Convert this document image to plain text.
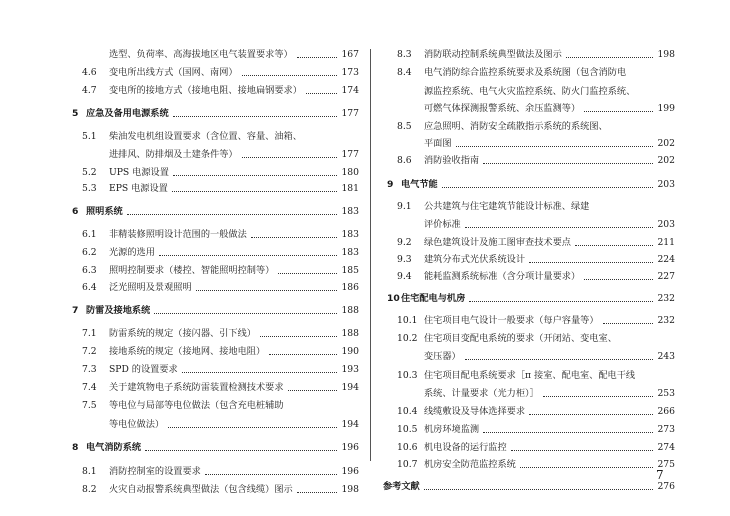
选型、负荷率、高海拔地区电气装置要求等）	167
4.6 变电所出线方式（国网、南网）	173
4.7 变电所的接地方式（接地电阻、接地扁钢要求）	174
5 应急及备用电源系统	177
5.1 柴油发电机组设置要求（含位置、容量、油箱、
进排风、防排烟及土建条件等）	177
5.2 UPS 电源设置	180
5.3 EPS 电源设置	181
6 照明系统	183
6.1 非精装修照明设计范围的一般做法	183
6.2 光源的选用	183
6.3 照明控制要求（楼控、智能照明控制等）	185
6.4 泛光照明及景观照明	186
7 防雷及接地系统	188
7.1 防雷系统的规定（接闪器、引下线）	188
7.2 接地系统的规定（接地网、接地电阻）	190
7.3 SPD 的设置要求	193
7.4 关于建筑物电子系统防雷装置检测技术要求	194
7.5 等电位与局部等电位做法（包含充电桩辅助
等电位做法）	194
8 电气消防系统	196
8.1 消防控制室的设置要求	196
8.2 火灾自动报警系统典型做法（包含线缆）图示	198
8.3 消防联动控制系统典型做法及图示	198
8.4 电气消防综合监控系统要求及系统图（包含消防电
源监控系统、电气火灾监控系统、防火门监控系统、
可燃气体探测报警系统、余压监测等）	199
8.5 应急照明、消防安全疏散指示系统的系统图、
平面图	202
8.6 消防验收指南	202
9 电气节能	203
9.1 公共建筑与住宅建筑节能设计标准、绿建
评价标准	203
9.2 绿色建筑设计及施工图审查技术要点	211
9.3 建筑分布式光伏系统设计	224
9.4 能耗监测系统标准（含分项计量要求）	227
10 住宅配电与机房	232
10.1 住宅项目电气设计一般要求（每户容量等）	232
10.2 住宅项目变配电系统的要求（开闭站、变电室、
变压器）	243
10.3 住宅项目配电系统要求［π 接室、配电室、配电干线
系统、计量要求（光力柜）］	253
10.4 线缆敷设及导体选择要求	266
10.5 机房环境监测	273
10.6 机电设备的运行监控	274
10.7 机房安全防范监控系统	275
参考文献	276
7
